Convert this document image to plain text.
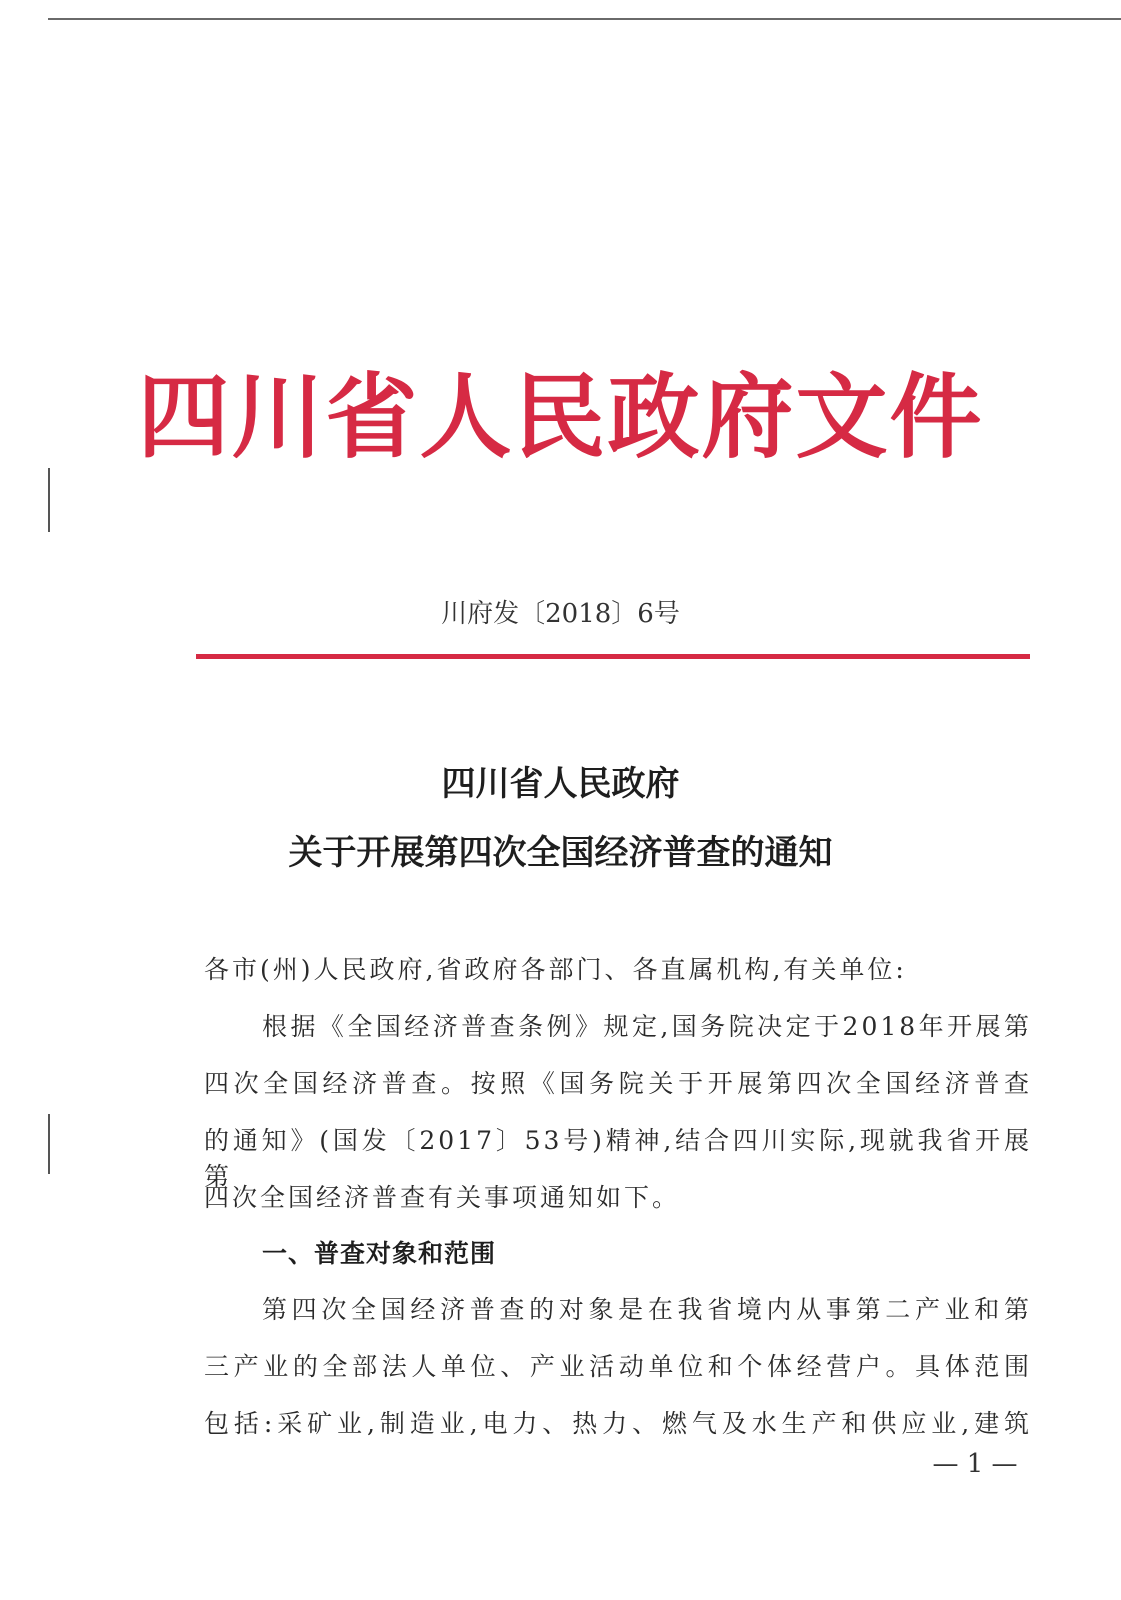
四川省人民政府文件
川府发〔2018〕6号
四川省人民政府
关于开展第四次全国经济普查的通知
各市(州)人民政府,省政府各部门、各直属机构,有关单位:
根据《全国经济普查条例》规定,国务院决定于2018年开展第
四次全国经济普查。按照《国务院关于开展第四次全国经济普查
的通知》(国发〔2017〕53号)精神,结合四川实际,现就我省开展第
四次全国经济普查有关事项通知如下。
一、普查对象和范围
第四次全国经济普查的对象是在我省境内从事第二产业和第
三产业的全部法人单位、产业活动单位和个体经营户。具体范围
包括:采矿业,制造业,电力、热力、燃气及水生产和供应业,建筑
— 1 —
